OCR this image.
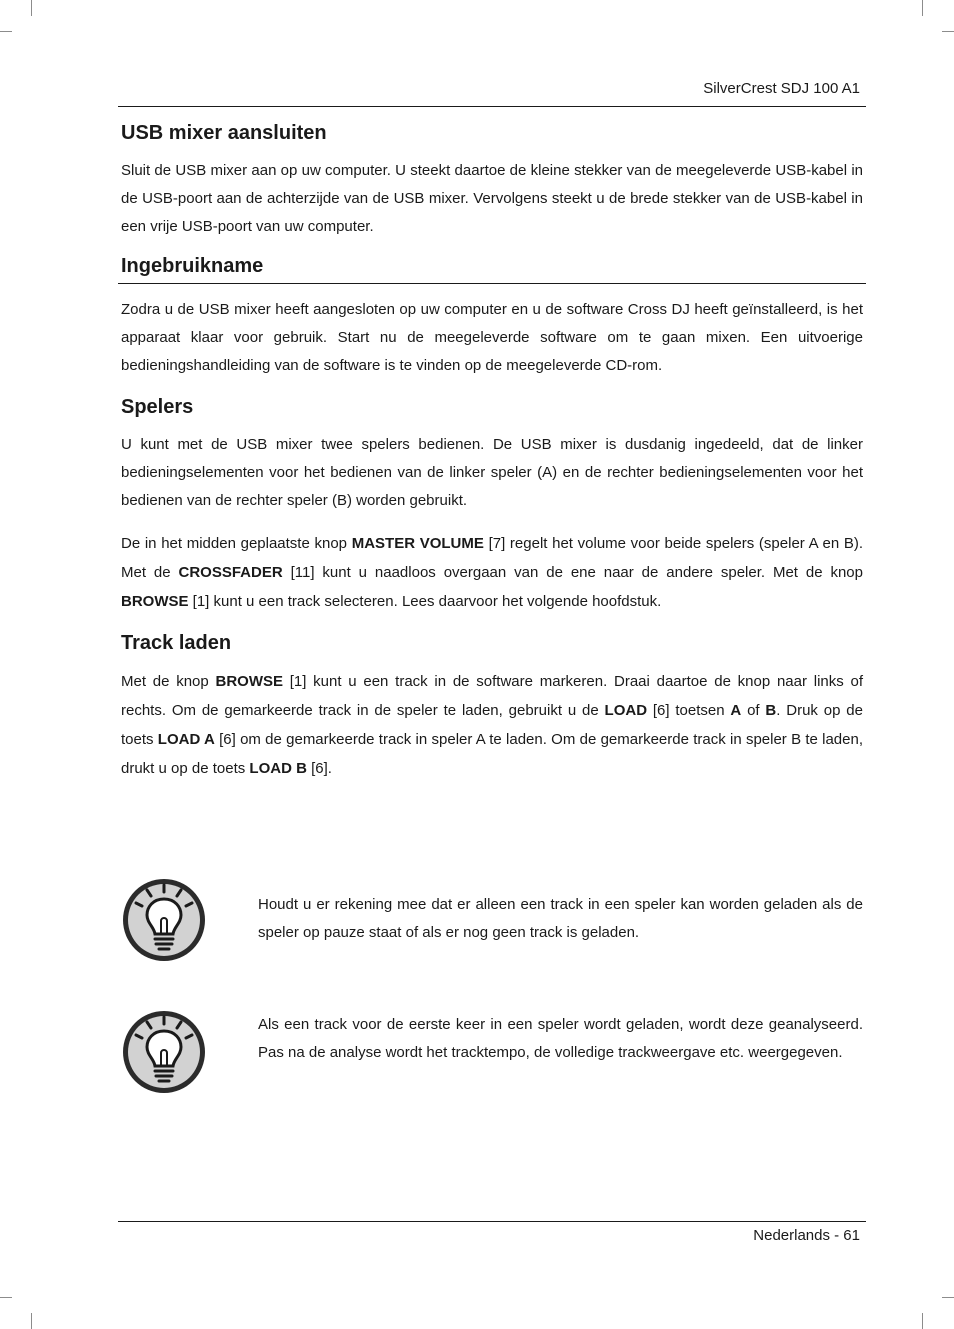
SilverCrest SDJ 100 A1
USB mixer aansluiten

Sluit de USB mixer aan op uw computer. U steekt daartoe de kleine stekker van de meegeleverde USB-kabel in de USB-poort aan de achterzijde van de USB mixer. Vervolgens steekt u de brede stekker van de USB-kabel in een vrije USB-poort van uw computer.

Ingebruikname

Zodra u de USB mixer heeft aangesloten op uw computer en u de software Cross DJ heeft geïnstalleerd, is het apparaat klaar voor gebruik. Start nu de meegeleverde software om te gaan mixen. Een uitvoerige bedieningshandleiding van de software is te vinden op de meegeleverde CD-rom.

Spelers

U kunt met de USB mixer twee spelers bedienen. De USB mixer is dusdanig ingedeeld, dat de linker bedieningselementen voor het bedienen van de linker speler (A) en de rechter bedieningselementen voor het bedienen van de rechter speler (B) worden gebruikt.

De in het midden geplaatste knop MASTER VOLUME [7] regelt het volume voor beide spelers (speler A en B). Met de CROSSFADER [11] kunt u naadloos overgaan van de ene naar de andere speler. Met de knop BROWSE [1] kunt u een track selecteren. Lees daarvoor het volgende hoofdstuk.

Track laden

Met de knop BROWSE [1] kunt u een track in de software markeren. Draai daartoe de knop naar links of rechts. Om de gemarkeerde track in de speler te laden, gebruikt u de LOAD [6] toetsen A of B. Druk op de toets LOAD A [6] om de gemarkeerde track in speler A te laden. Om de gemarkeerde track in speler B te laden, drukt u op de toets LOAD B [6].

Houdt u er rekening mee dat er alleen een track in een speler kan worden geladen als de speler op pauze staat of als er nog geen track is geladen.

Als een track voor de eerste keer in een speler wordt geladen, wordt deze geanalyseerd. Pas na de analyse wordt het tracktempo, de volledige trackweergave etc. weergegeven.

Nederlands - 61
